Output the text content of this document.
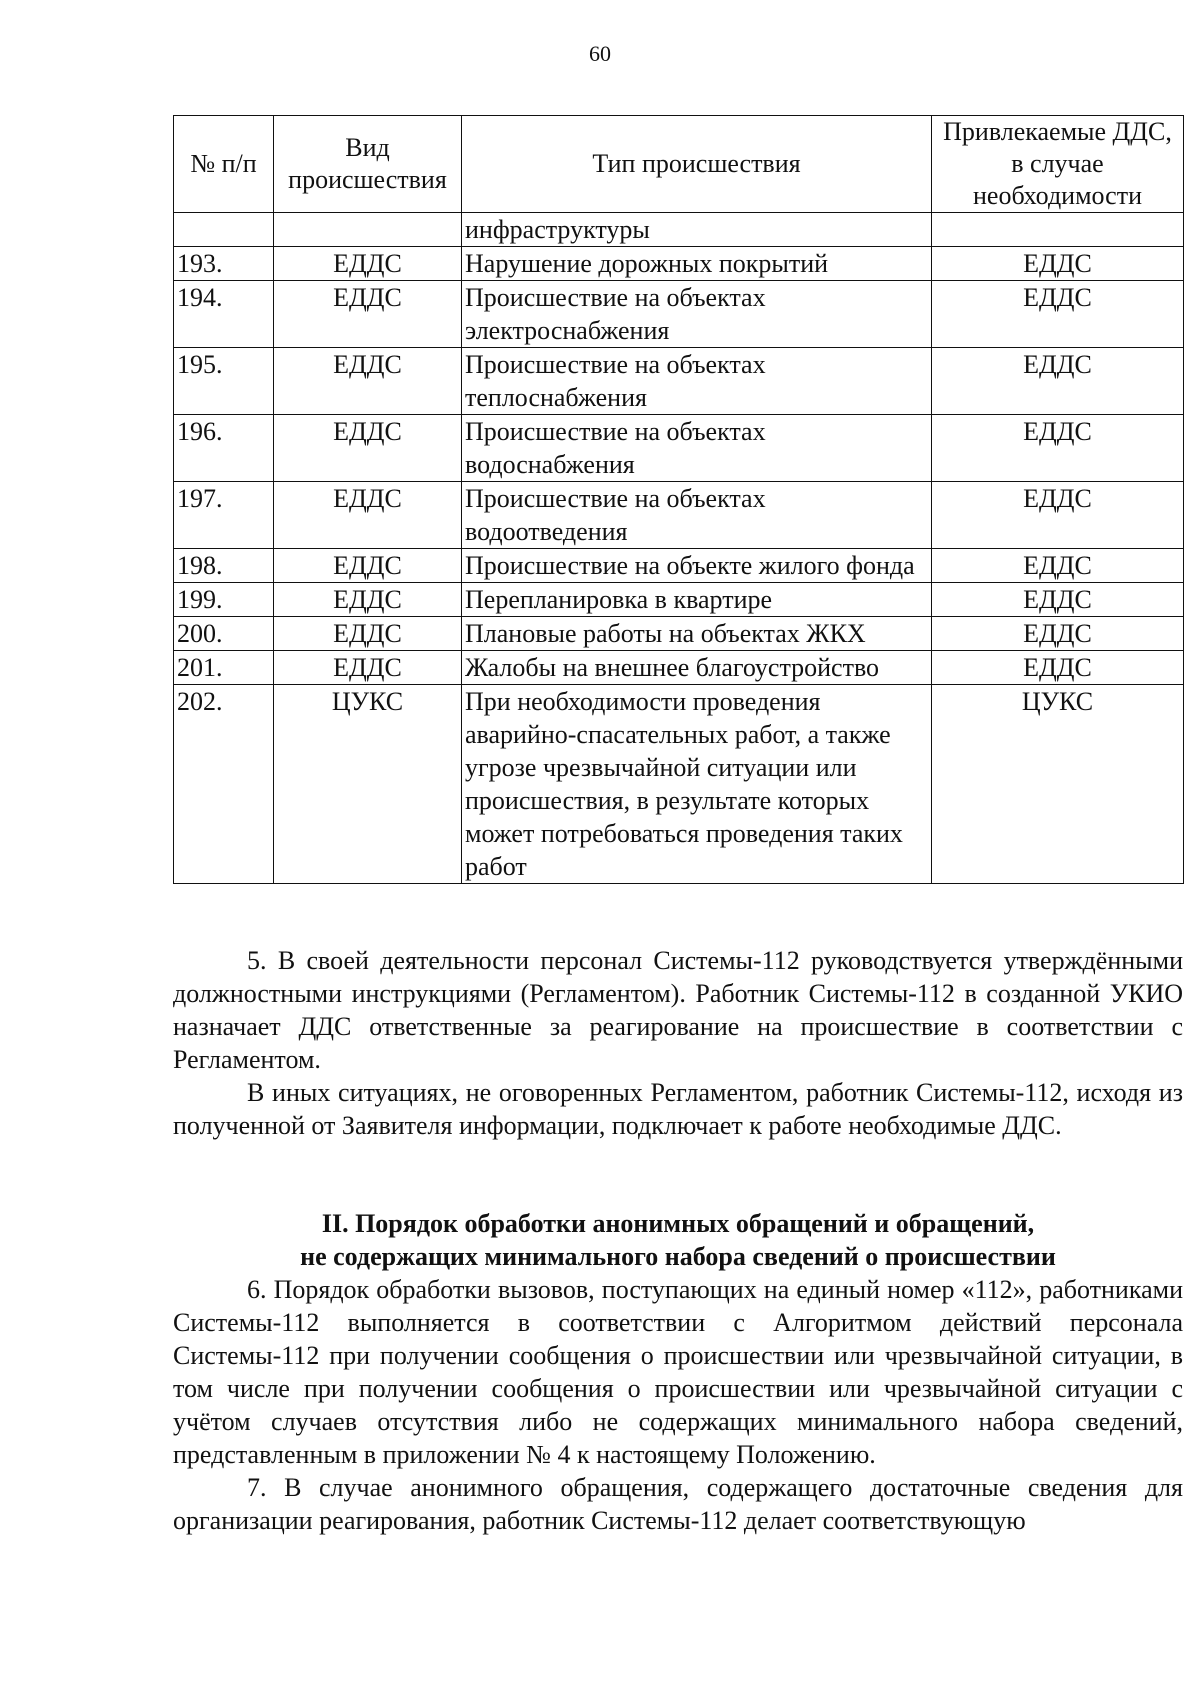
60
№ п/п	Вид происшествия	Тип происшествия	Привлекаемые ДДС, в случае необходимости
		инфраструктуры	
193.	ЕДДС	Нарушение дорожных покрытий	ЕДДС
194.	ЕДДС	Происшествие на объектах электроснабжения	ЕДДС
195.	ЕДДС	Происшествие на объектах теплоснабжения	ЕДДС
196.	ЕДДС	Происшествие на объектах водоснабжения	ЕДДС
197.	ЕДДС	Происшествие на объектах водоотведения	ЕДДС
198.	ЕДДС	Происшествие на объекте жилого фонда	ЕДДС
199.	ЕДДС	Перепланировка в квартире	ЕДДС
200.	ЕДДС	Плановые работы на объектах ЖКХ	ЕДДС
201.	ЕДДС	Жалобы на внешнее благоустройство	ЕДДС
202.	ЦУКС	При необходимости проведения аварийно-спасательных работ, а также угрозе чрезвычайной ситуации или происшествия, в результате которых может потребоваться проведения таких работ	ЦУКС

5. В своей деятельности персонал Системы-112 руководствуется утверждёнными должностными инструкциями (Регламентом). Работник Системы-112 в созданной УКИО назначает ДДС ответственные за реагирование на происшествие в соответствии с Регламентом.

В иных ситуациях, не оговоренных Регламентом, работник Системы-112, исходя из полученной от Заявителя информации, подключает к работе необходимые ДДС.

II. Порядок обработки анонимных обращений и обращений,
не содержащих минимального набора сведений о происшествии

6. Порядок обработки вызовов, поступающих на единый номер «112», работниками Системы-112 выполняется в соответствии с Алгоритмом действий персонала Системы-112 при получении сообщения о происшествии или чрезвычайной ситуации, в том числе при получении сообщения о происшествии или чрезвычайной ситуации с учётом случаев отсутствия либо не содержащих минимального набора сведений, представленным в приложении № 4 к настоящему Положению.

7. В случае анонимного обращения, содержащего достаточные сведения для организации реагирования, работник Системы-112 делает соответствующую
